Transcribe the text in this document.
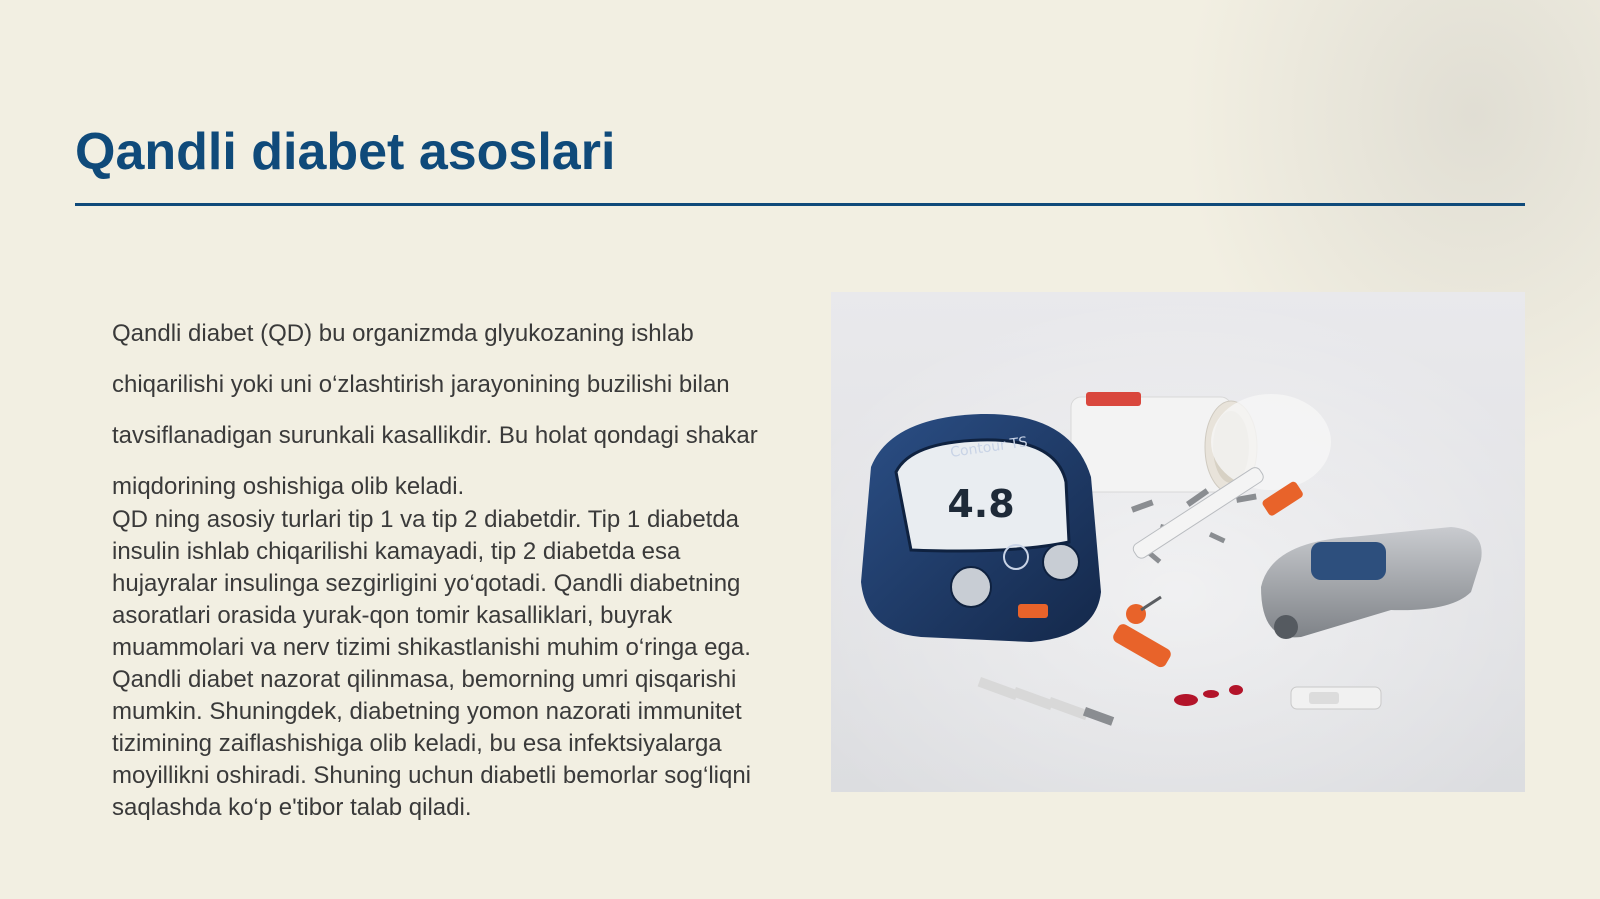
Qandli diabet asoslari

Qandli diabet (QD) bu organizmda glyukozaning ishlab chiqarilishi yoki uni o‘zlashtirish jarayonining buzilishi bilan tavsiflanadigan surunkali kasallikdir. Bu holat qondagi shakar miqdorining oshishiga olib keladi.

QD ning asosiy turlari tip 1 va tip 2 diabetdir. Tip 1 diabetda insulin ishlab chiqarilishi kamayadi, tip 2 diabetda esa hujayralar insulinga sezgirligini yo‘qotadi. Qandli diabetning asoratlari orasida yurak-qon tomir kasalliklari, buyrak muammolari va nerv tizimi shikastlanishi muhim o‘ringa ega. Qandli diabet nazorat qilinmasa, bemorning umri qisqarishi mumkin. Shuningdek, diabetning yomon nazorati immunitet tizimining zaiflashishiga olib keladi, bu esa infektsiyalarga moyillikni oshiradi. Shuning uchun diabetli bemorlar sog‘liqni saqlashda ko‘p e'tibor talab qiladi.

4.8
Contour TS
